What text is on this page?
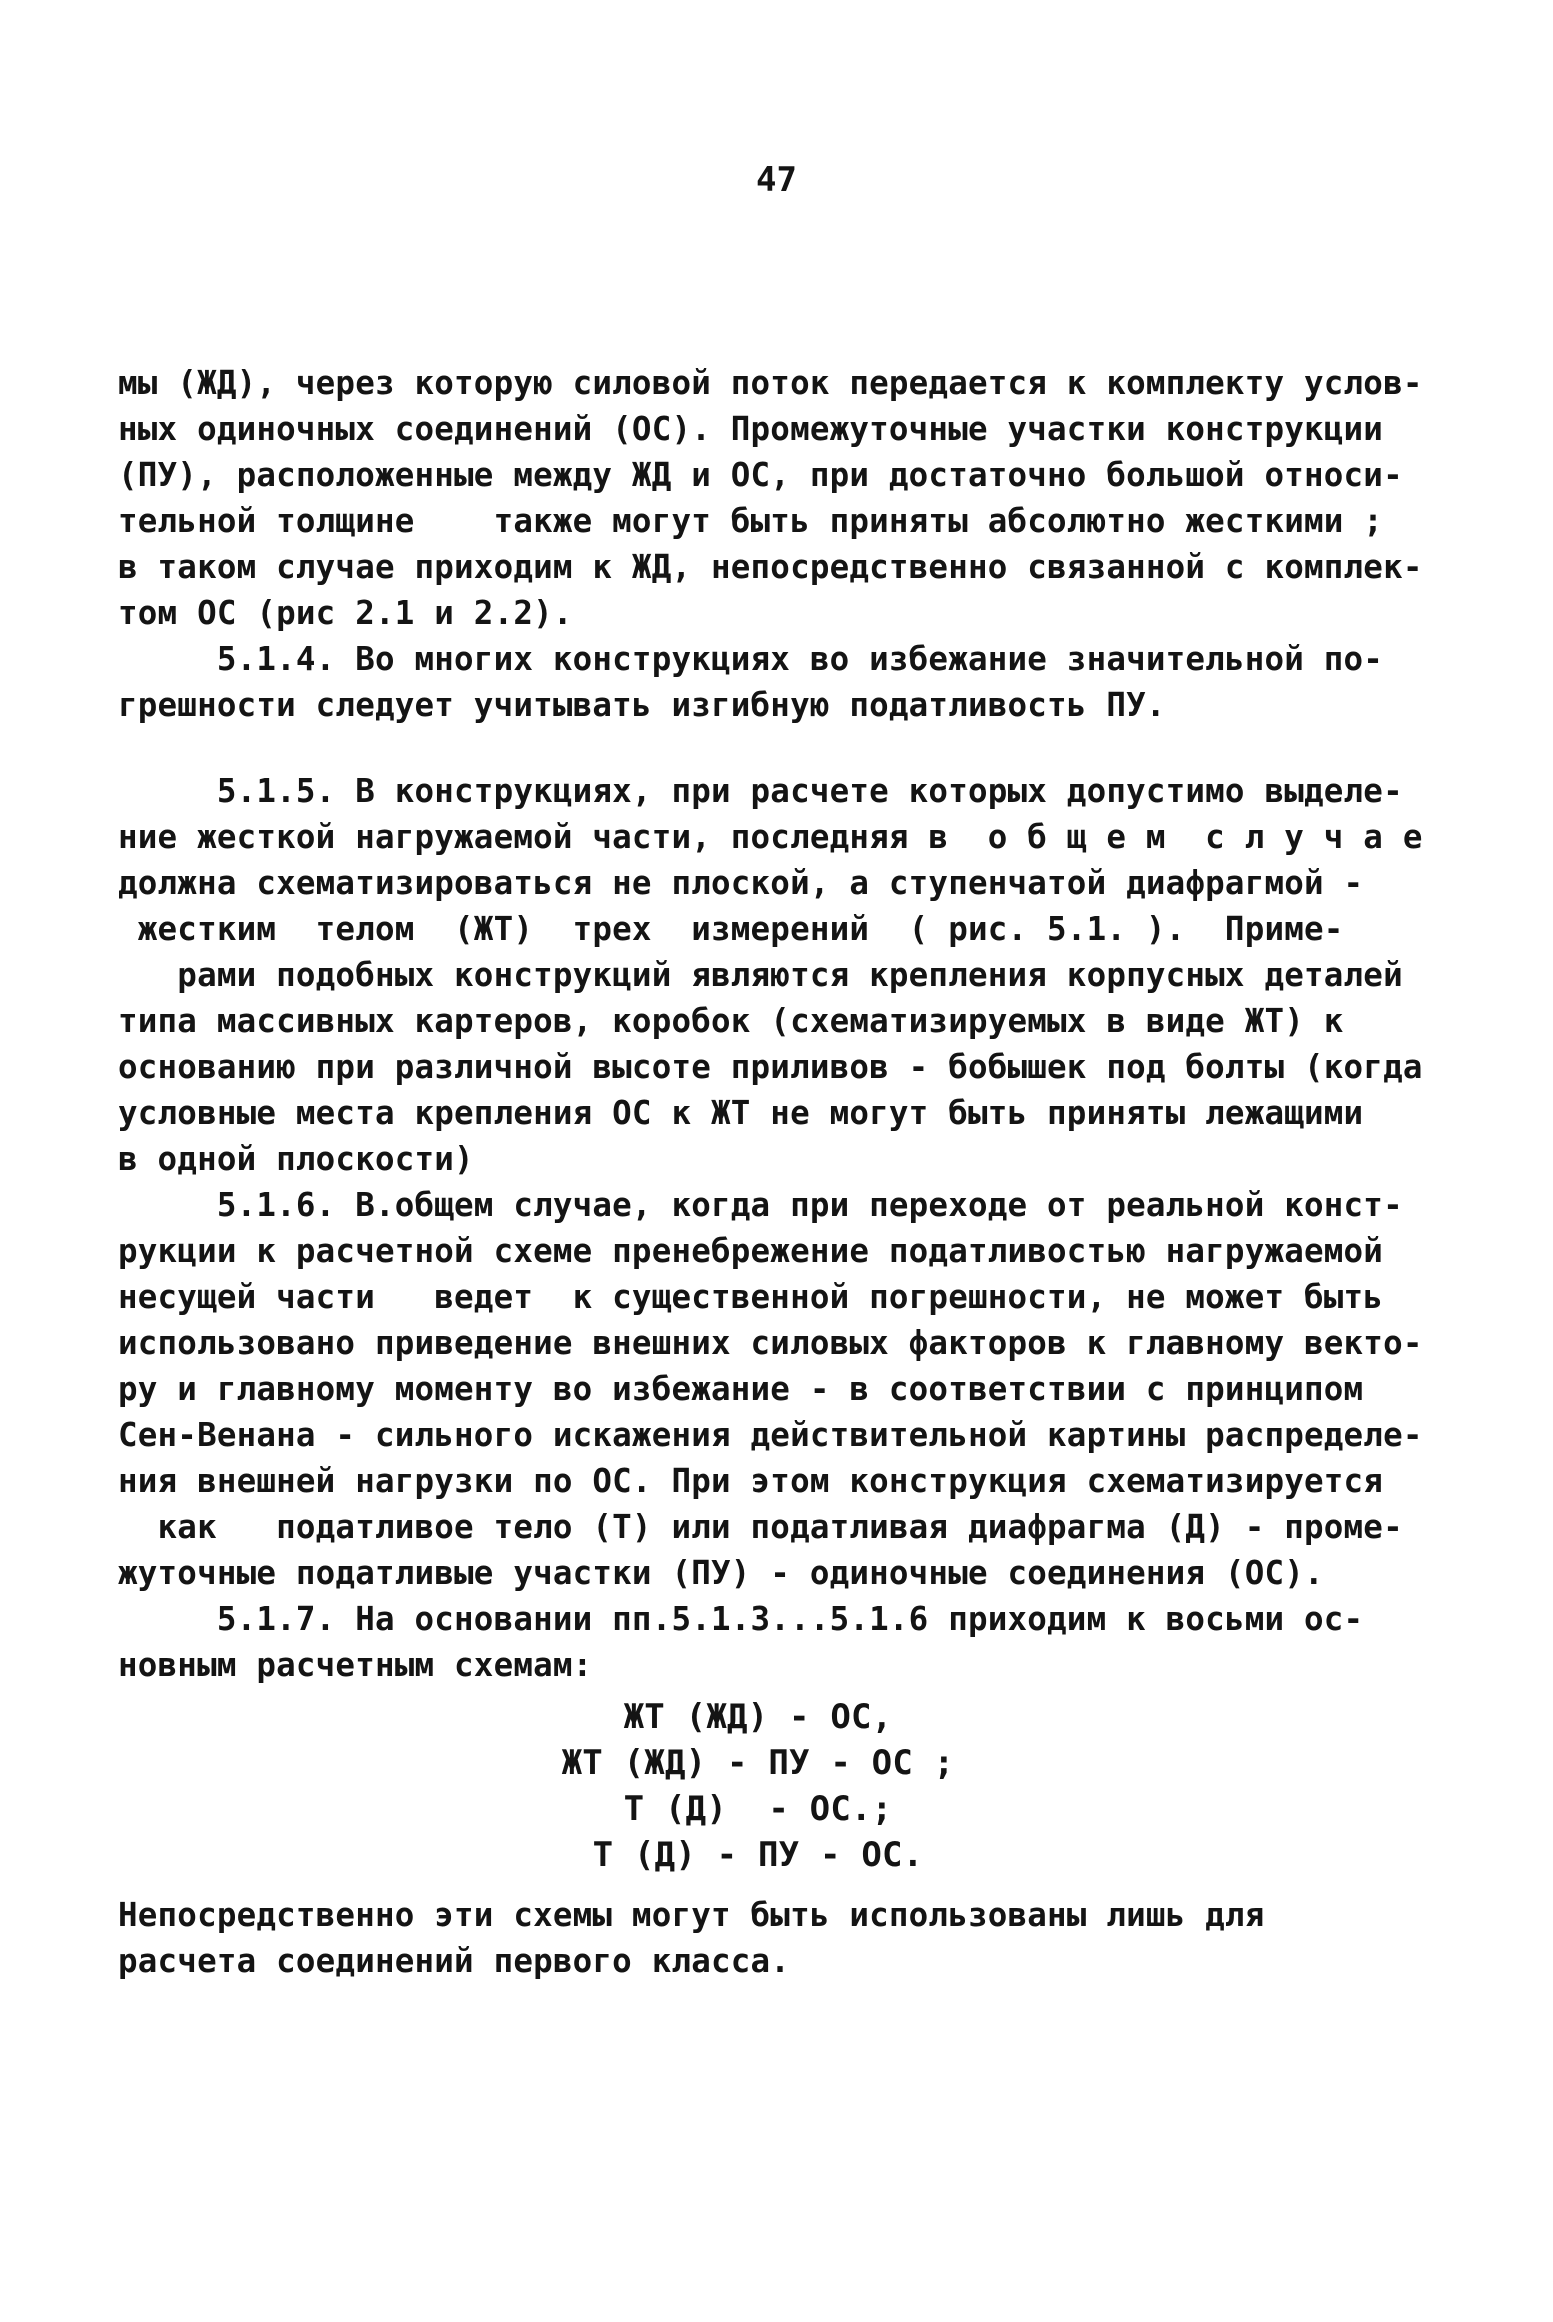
47
мы (ЖД), через которую силовой поток передается к комплекту услов-
ных одиночных соединений (ОС). Промежуточные участки конструкции
(ПУ), расположенные между ЖД и ОС, при достаточно большой относи-
тельной толщине    также могут быть приняты абсолютно жесткими ;
в таком случае приходим к ЖД, непосредственно связанной с комплек-
том ОС (рис 2.1 и 2.2).
5.1.4. Во многих конструкциях во избежание значительной по-
грешности следует учитывать изгибную податливость ПУ.
5.1.5. В конструкциях, при расчете которых допустимо выделе-
ние жесткой нагружаемой части, последняя в  о б щ е м  с л у ч а е
должна схематизироваться не плоской, а ступенчатой диафрагмой -
жестким  телом  (ЖТ)  трех  измерений  ( рис. 5.1. ).  Приме-
рами подобных конструкций являются крепления корпусных деталей
типа массивных картеров, коробок (схематизируемых в виде ЖТ) к
основанию при различной высоте приливов - бобышек под болты (когда
условные места крепления ОС к ЖТ не могут быть приняты лежащими
в одной плоскости)
5.1.6. В.общем случае, когда при переходе от реальной конст-
рукции к расчетной схеме пренебрежение податливостью нагружаемой
несущей части   ведет  к существенной погрешности, не может быть
использовано приведение внешних силовых факторов к главному векто-
ру и главному моменту во избежание - в соответствии с принципом
Сен-Венана - сильного искажения действительной картины распределе-
ния внешней нагрузки по ОС. При этом конструкция схематизируется
как   податливое тело (Т) или податливая диафрагма (Д) - проме-
жуточные податливые участки (ПУ) - одиночные соединения (ОС).
5.1.7. На основании пп.5.1.3...5.1.6 приходим к восьми ос-
новным расчетным схемам:
ЖТ (ЖД) - ОС,
ЖТ (ЖД) - ПУ - ОС ;
Т (Д)  - ОС.;
Т (Д) - ПУ - ОС.
Непосредственно эти схемы могут быть использованы лишь для
расчета соединений первого класса.
